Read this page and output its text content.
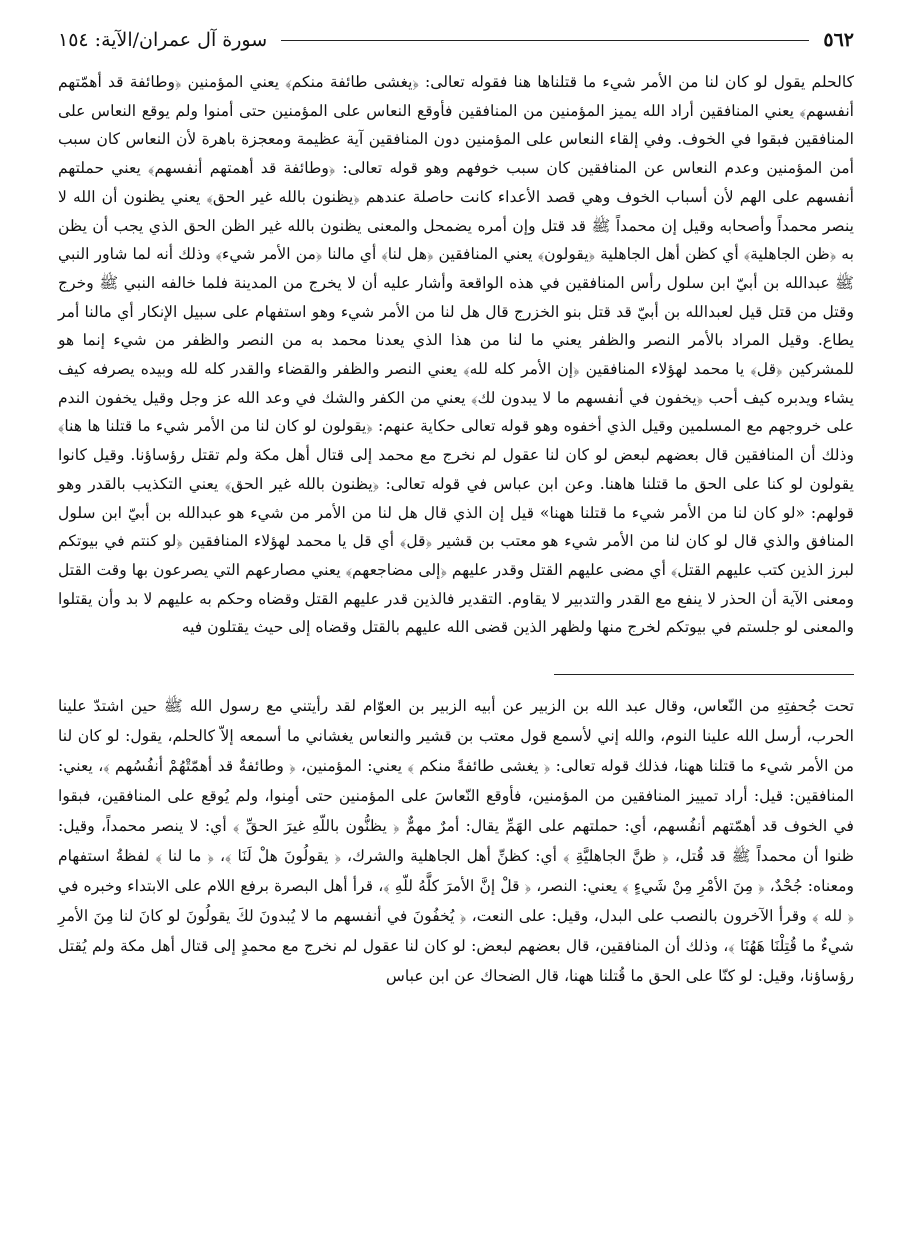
٥٦٢
سورة آل عمران/الآية: ١٥٤

كالحلم يقول لو كان لنا من الأمر شيء ما قتلناها هنا فقوله تعالى: ﴿يغشى طائفة منكم﴾ يعني المؤمنين ﴿وطائفة قد أهمّتهم أنفسهم﴾ يعني المنافقين أراد الله يميز المؤمنين من المنافقين فأوقع النعاس على المؤمنين حتى أمنوا ولم يوقع النعاس على المنافقين فبقوا في الخوف. وفي إلقاء النعاس على المؤمنين دون المنافقين آية عظيمة ومعجزة باهرة لأن النعاس كان سبب أمن المؤمنين وعدم النعاس عن المنافقين كان سبب خوفهم وهو قوله تعالى: ﴿وطائفة قد أهمتهم أنفسهم﴾ يعني حملتهم أنفسهم على الهم لأن أسباب الخوف وهي قصد الأعداء كانت حاصلة عندهم ﴿يظنون بالله غير الحق﴾ يعني يظنون أن الله لا ينصر محمداً وأصحابه وقيل إن محمداً ﷺ قد قتل وإن أمره يضمحل والمعنى يظنون بالله غير الظن الحق الذي يجب أن يظن به ﴿ظن الجاهلية﴾ أي كظن أهل الجاهلية ﴿يقولون﴾ يعني المنافقين ﴿هل لنا﴾ أي مالنا ﴿من الأمر شيء﴾ وذلك أنه لما شاور النبي ﷺ عبدالله بن أبيّ ابن سلول رأس المنافقين في هذه الواقعة وأشار عليه أن لا يخرج من المدينة فلما خالفه النبي ﷺ وخرج وقتل من قتل قيل لعبدالله بن أبيّ قد قتل بنو الخزرج قال هل لنا من الأمر شيء وهو استفهام على سبيل الإنكار أي مالنا أمر يطاع. وقيل المراد بالأمر النصر والظفر يعني ما لنا من هذا الذي يعدنا محمد به من النصر والظفر من شيء إنما هو للمشركين ﴿قل﴾ يا محمد لهؤلاء المنافقين ﴿إن الأمر كله لله﴾ يعني النصر والظفر والقضاء والقدر كله لله وبيده يصرفه كيف يشاء ويدبره كيف أحب ﴿يخفون في أنفسهم ما لا يبدون لك﴾ يعني من الكفر والشك في وعد الله عز وجل وقيل يخفون الندم على خروجهم مع المسلمين وقيل الذي أخفوه وهو قوله تعالى حكاية عنهم: ﴿يقولون لو كان لنا من الأمر شيء ما قتلنا ها هنا﴾ وذلك أن المنافقين قال بعضهم لبعض لو كان لنا عقول لم نخرج مع محمد إلى قتال أهل مكة ولم تقتل رؤساؤنا. وقيل كانوا يقولون لو كنا على الحق ما قتلنا هاهنا. وعن ابن عباس في قوله تعالى: ﴿يظنون بالله غير الحق﴾ يعني التكذيب بالقدر وهو قولهم: «لو كان لنا من الأمر شيء ما قتلنا ههنا» قيل إن الذي قال هل لنا من الأمر من شيء هو عبدالله بن أبيّ ابن سلول المنافق والذي قال لو كان لنا من الأمر شيء هو معتب بن قشير ﴿قل﴾ أي قل يا محمد لهؤلاء المنافقين ﴿لو كنتم في بيوتكم لبرز الذين كتب عليهم القتل﴾ أي مضى عليهم القتل وقدر عليهم ﴿إلى مضاجعهم﴾ يعني مصارعهم التي يصرعون بها وقت القتل ومعنى الآية أن الحذر لا ينفع مع القدر والتدبير لا يقاوم. التقدير فالذين قدر عليهم القتل وقضاه وحكم به عليهم لا بد وأن يقتلوا والمعنى لو جلستم في بيوتكم لخرج منها ولظهر الذين قضى الله عليهم بالقتل وقضاه إلى حيث يقتلون فيه

تحت جُحفتِهِ من النّعاس، وقال عبد الله بن الزبير عن أبيه الزبير بن العوّام لقد رأيتني مع رسول الله ﷺ حين اشتدّ علينا الحرب، أرسل الله علينا النوم، والله إني لأسمع قول معتب بن قشير والنعاس يغشاني ما أسمعه إلاّ كالحلم، يقول: لو كان لنا من الأمر شيء ما قتلنا ههنا، فذلك قوله تعالى: ﴿ يغشى طائفةً منكم ﴾ يعني: المؤمنين، ﴿ وطائفةٌ قد أهمّتْهُمْ أنفُسُهم ﴾، يعني: المنافقين: قيل: أراد تمييز المنافقين من المؤمنين، فأوقع النّعاسَ على المؤمنين حتى أمِنوا، ولم يُوقع على المنافقين، فبقوا في الخوف قد أهمّتهم أنفُسهم، أي: حملتهم على الهَمِّ يقال: أمرٌ مهمٌّ ﴿ يظنُّون باللّهِ غيرَ الحقِّ ﴾ أي: لا ينصر محمداً، وقيل: ظنوا أن محمداً ﷺ قد قُتل، ﴿ ظنَّ الجاهليَّةِ ﴾ أي: كظنِّ أهل الجاهلية والشرك، ﴿ يقولُونَ هلْ لَنَا ﴾، ﴿ ما لنا ﴾ لفظةُ استفهام ومعناه: جُحْدٌ، ﴿ مِنَ الأمْرِ مِنْ شَيءٍ ﴾ يعني: النصر، ﴿ قلْ إنَّ الأمرَ كلَّهُ للّهِ ﴾، قرأ أهل البصرة برفع اللام على الابتداء وخبره في ﴿ لله ﴾ وقرأ الآخرون بالنصب على البدل، وقيل: على النعت، ﴿ يُخفُونَ في أنفسهم ما لا يُبدونَ لكَ يقولُونَ لو كانَ لنا مِنَ الأمرِ شيءٌ ما قُتِلْنَا هَهُنَا ﴾، وذلك أن المنافقين، قال بعضهم لبعض: لو كان لنا عقول لم نخرج مع محمدٍ إلى قتال أهل مكة ولم يُقتل رؤساؤنا، وقيل: لو كنّا على الحق ما قُتلنا ههنا، قال الضحاك عن ابن عباس
